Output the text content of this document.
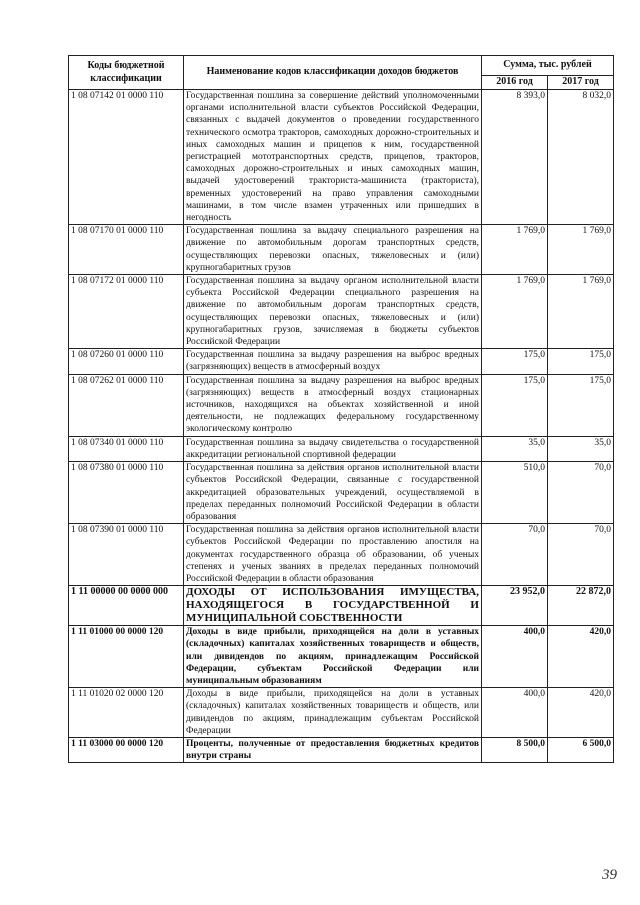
Коды бюджетной классификации	Наименование кодов классификации доходов бюджетов	Сумма, тыс. рублей	
		2016 год	2017 год
1 08 07142 01 0000 110	Государственная пошлина за совершение действий уполномоченными органами исполнительной власти субъектов Российской Федерации, связанных с выдачей документов о проведении государственного технического осмотра тракторов, самоходных дорожно-строительных и иных самоходных машин и прицепов к ним, государственной регистрацией мототранспортных средств, прицепов, тракторов, самоходных дорожно-строительных и иных самоходных машин, выдачей удостоверений тракториста-машиниста (тракториста), временных удостоверений на право управления самоходными машинами, в том числе взамен утраченных или пришедших в негодность	8 393,0	8 032,0
1 08 07170 01 0000 110	Государственная пошлина за выдачу специального разрешения на движение по автомобильным дорогам транспортных средств, осуществляющих перевозки опасных, тяжеловесных и (или) крупногабаритных грузов	1 769,0	1 769,0
1 08 07172 01 0000 110	Государственная пошлина за выдачу органом исполнительной власти субъекта Российской Федерации специального разрешения на движение по автомобильным дорогам транспортных средств, осуществляющих перевозки опасных, тяжеловесных и (или) крупногабаритных грузов, зачисляемая в бюджеты субъектов Российской Федерации	1 769,0	1 769,0
1 08 07260 01 0000 110	Государственная пошлина за выдачу разрешения на выброс вредных (загрязняющих) веществ в атмосферный воздух	175,0	175,0
1 08 07262 01 0000 110	Государственная пошлина за выдачу разрешения на выброс вредных (загрязняющих) веществ в атмосферный воздух стационарных источников, находящихся на объектах хозяйственной и иной деятельности, не подлежащих федеральному государственному экологическому контролю	175,0	175,0
1 08 07340 01 0000 110	Государственная пошлина за выдачу свидетельства о государственной аккредитации региональной спортивной федерации	35,0	35,0
1 08 07380 01 0000 110	Государственная пошлина за действия органов исполнительной власти субъектов Российской Федерации, связанные с государственной аккредитацией образовательных учреждений, осуществляемой в пределах переданных полномочий Российской Федерации в области образования	510,0	70,0
1 08 07390 01 0000 110	Государственная пошлина за действия органов исполнительной власти субъектов Российской Федерации по проставлению апостиля на документах государственного образца об образовании, об ученых степенях и ученых званиях в пределах переданных полномочий Российской Федерации в области образования	70,0	70,0
1 11 00000 00 0000 000	ДОХОДЫ ОТ ИСПОЛЬЗОВАНИЯ ИМУЩЕСТВА, НАХОДЯЩЕГОСЯ В ГОСУДАРСТВЕННОЙ И МУНИЦИПАЛЬНОЙ СОБСТВЕННОСТИ	23 952,0	22 872,0
1 11 01000 00 0000 120	Доходы в виде прибыли, приходящейся на доли в уставных (складочных) капиталах хозяйственных товариществ и обществ, или дивидендов по акциям, принадлежащим Российской Федерации, субъектам Российской Федерации или муниципальным образованиям	400,0	420,0
1 11 01020 02 0000 120	Доходы в виде прибыли, приходящейся на доли в уставных (складочных) капиталах хозяйственных товариществ и обществ, или дивидендов по акциям, принадлежащим субъектам Российской Федерации	400,0	420,0
1 11 03000 00 0000 120	Проценты, полученные от предоставления бюджетных кредитов внутри страны	8 500,0	6 500,0
39
